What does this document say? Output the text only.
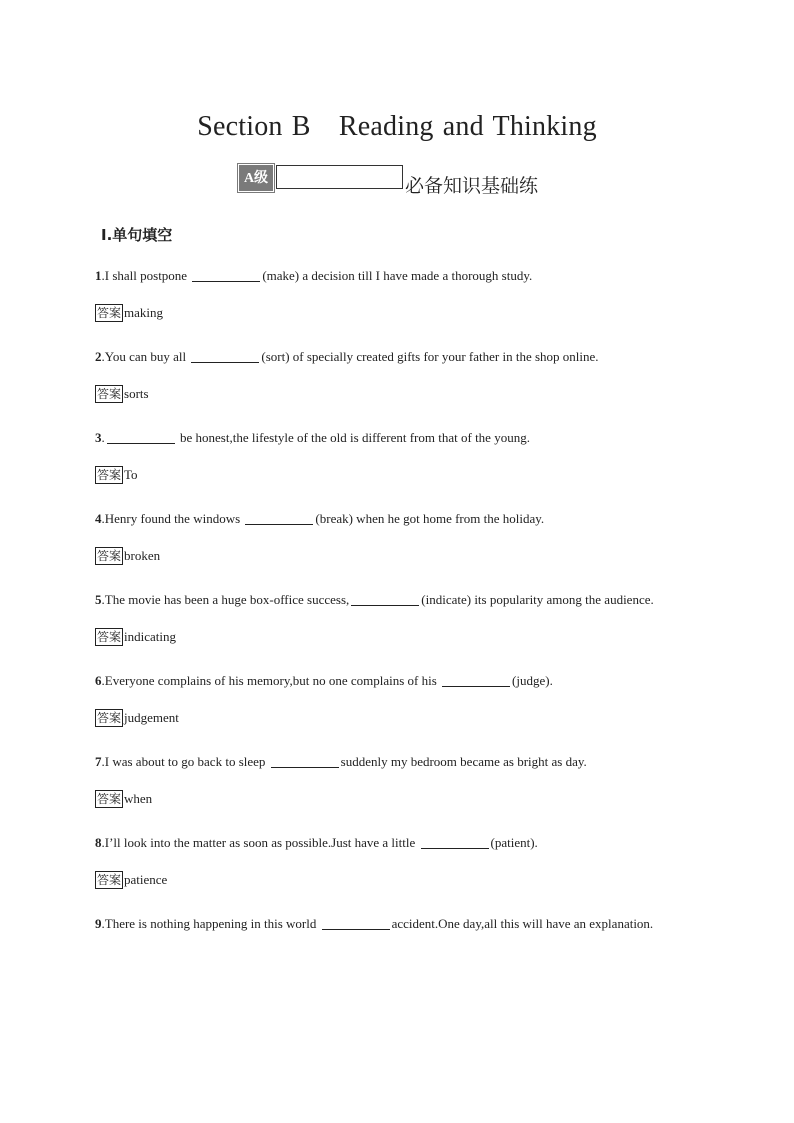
Section B　Reading and Thinking
A级	必备知识基础练
Ⅰ.单句填空

1.I shall postpone	(make) a decision till I have made a thorough study.

答案 making

2.You can buy all	(sort) of specially created gifts for your father in the shop online.

答案 sorts

3.	be honest,the lifestyle of the old is different from that of the young.

答案 To

4.Henry found the windows	(break) when he got home from the holiday.

答案 broken

5.The movie has been a huge box-office success,	(indicate) its popularity among the audience.

答案 indicating

6.Everyone complains of his memory,but no one complains of his	(judge).

答案 judgement

7.I was about to go back to sleep	suddenly my bedroom became as bright as day.

答案 when

8.I’ll look into the matter as soon as possible.Just have a little	(patient).

答案 patience

9.There is nothing happening in this world	accident.One day,all this will have an explanation.
